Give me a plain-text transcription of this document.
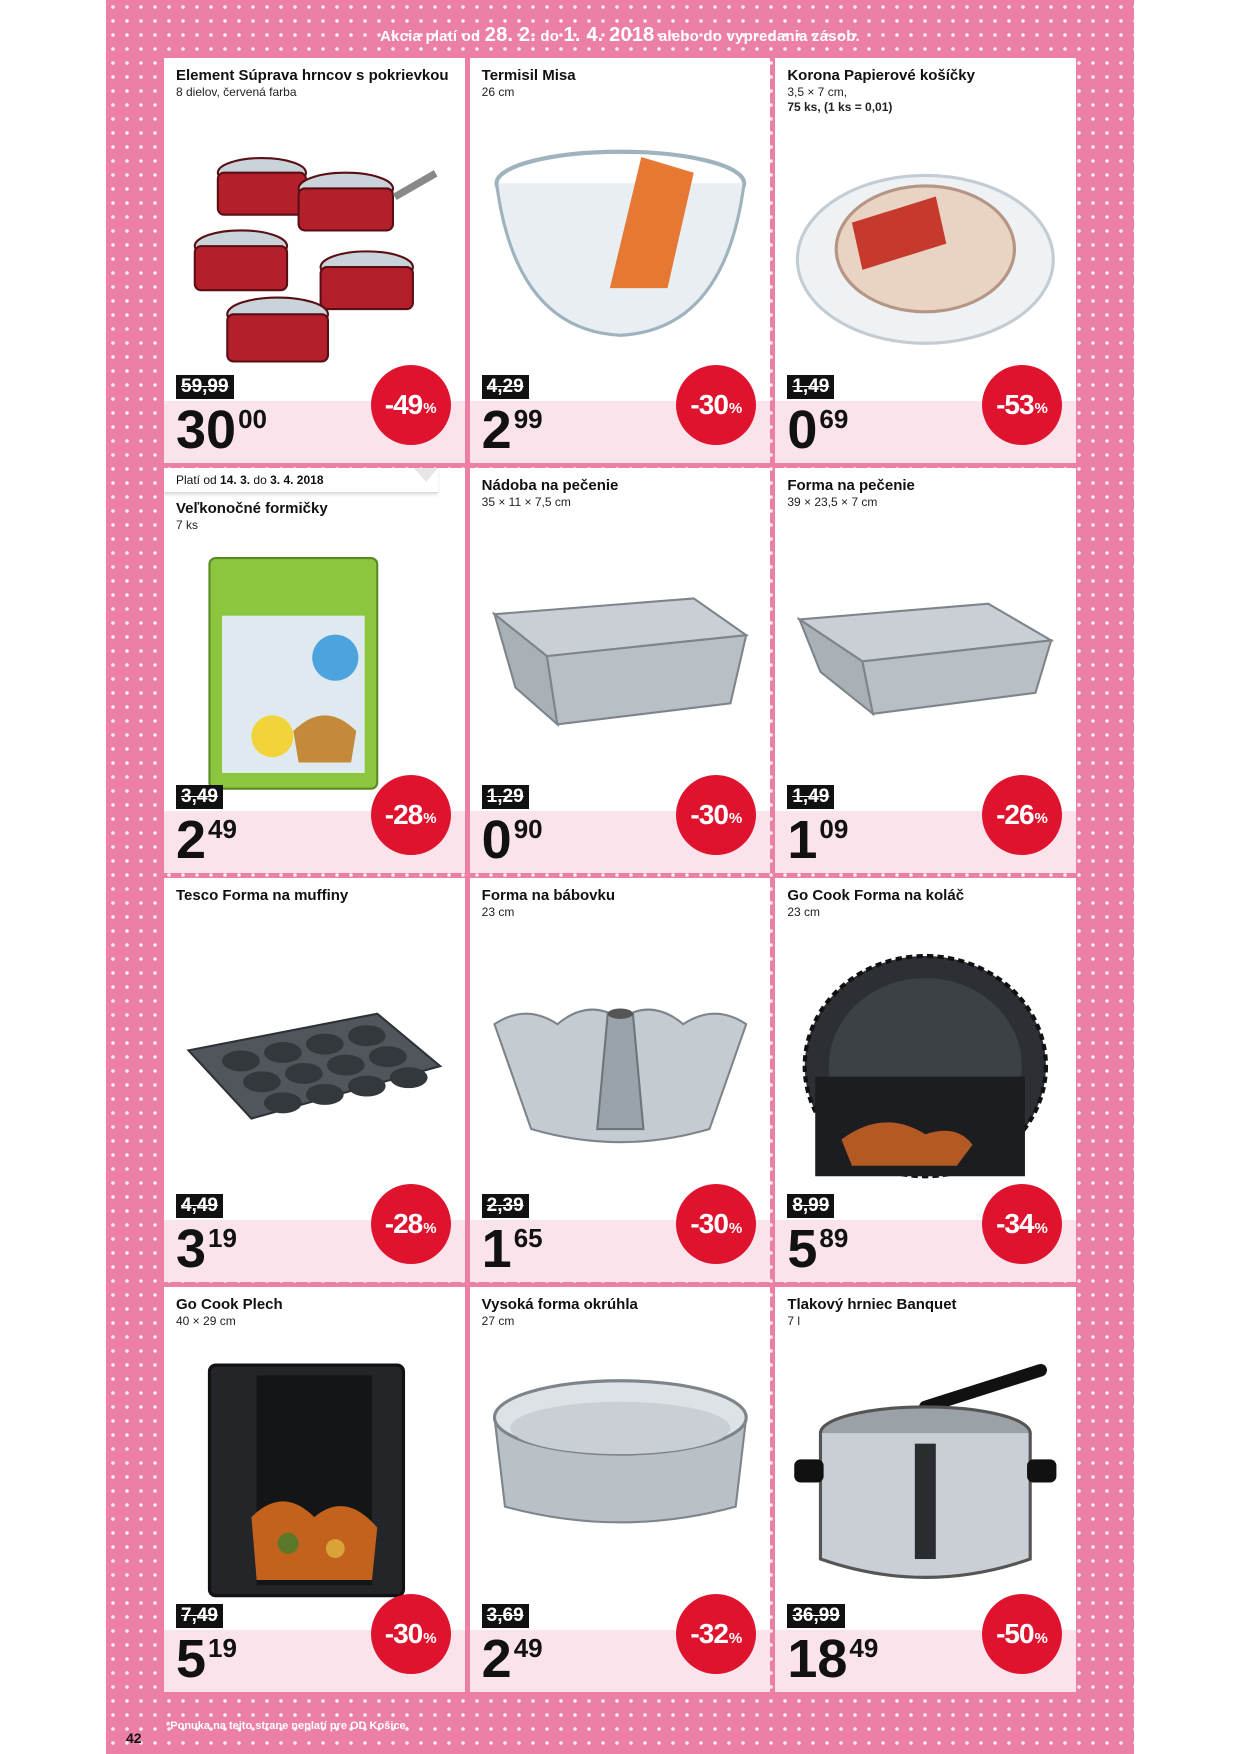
Akcia platí od 28. 2. do 1. 4. 2018 alebo do vypredania zásob.
Element Súprava hrncov s pokrievkou
8 dielov, červená farba
59,99
3000	-49 %
Termisil Misa
26 cm
4,29
299	-30 %
Korona Papierové košíčky
3,5 × 7 cm,
75 ks, (1 ks = 0,01)
1,49
069	-53 %
Platí od 14. 3. do 3. 4. 2018
Veľkonočné formičky
7 ks
3,49
249	-28 %
Nádoba na pečenie
35 × 11 × 7,5 cm
1,29
090	-30 %
Forma na pečenie
39 × 23,5 × 7 cm
1,49
109	-26 %
Tesco Forma na muffiny
4,49
319	-28 %
Forma na bábovku
23 cm
2,39
165	-30 %
Go Cook Forma na koláč
23 cm
8,99
589	-34 %
Go Cook Plech
40 × 29 cm
7,49
519	-30 %
Vysoká forma okrúhla
27 cm
3,69
249	-32 %
Tlakový hrniec Banquet
7 l
36,99
1849	-50 %
42
*Ponuka na tejto strane neplatí pre OD Košice.
